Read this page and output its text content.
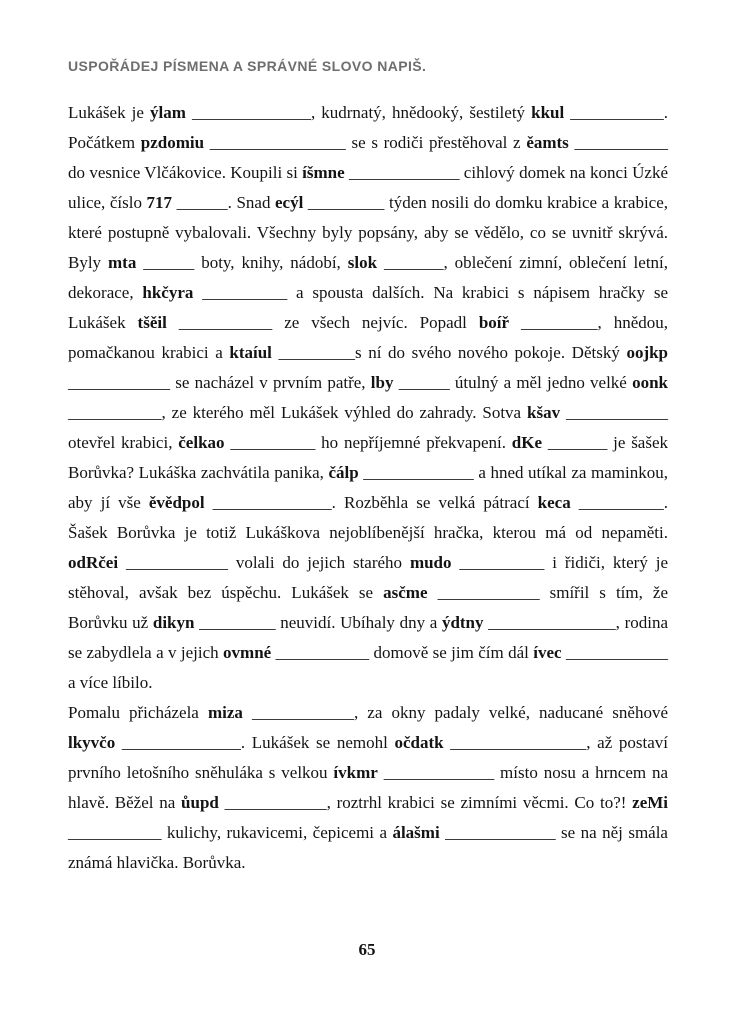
USPOŘÁDEJ PÍSMENA A SPRÁVNÉ SLOVO NAPIŠ.

Lukášek je ýlam ______________, kudrnatý, hnědooký, šestiletý kkul ___________. Počátkem pzdomiu ________________ se s rodiči přestěhoval z ěamts ___________ do vesnice Vlčákovice. Koupili si íšmne _____________ cihlový domek na konci Úzké ulice, číslo 717 ______. Snad ecýl _________ týden nosili do domku krabice a krabice, které postupně vybalovali. Všechny byly popsány, aby se vědělo, co se uvnitř skrývá. Byly mta ______ boty, knihy, nádobí, slok _______, oblečení zimní, oblečení letní, dekorace, hkčyra __________ a spousta dalších. Na krabici s nápisem hračky se Lukášek tšěil ___________ ze všech nejvíc. Popadl boíř _________, hnědou, pomačkanou krabici a ktaíul _________s ní do svého nového pokoje. Dětský oojkp ____________ se nacházel v prvním patře, lby ______ útulný a měl jedno velké oonk ___________, ze kterého měl Lukášek výhled do zahrady. Sotva kšav ____________ otevřel krabici, čelkao __________ ho nepříjemné překvapení. dKe _______ je šašek Borůvka? Lukáška zachvátila panika, čálp _____________ a hned utíkal za maminkou, aby jí vše ěvědpol ______________. Rozběhla se velká pátrací keca __________. Šašek Borůvka je totiž Lukáškova nejoblíbenější hračka, kterou má od nepaměti. odRčei ____________ volali do jejich starého mudo __________ i řidiči, který je stěhoval, avšak bez úspěchu. Lukášek se asčme ____________ smířil s tím, že Borůvku už dikyn _________ neuvidí. Ubíhaly dny a ýdtny _______________, rodina se zabydlela a v jejich ovmné ___________ domově se jim čím dál ívec ____________ a více líbilo.

Pomalu přicházela miza ____________, za okny padaly velké, naducané sněhové lkyvčo ______________. Lukášek se nemohl očdatk ________________, až postaví prvního letošního sněhuláka s velkou ívkmr _____________ místo nosu a hrncem na hlavě. Běžel na ůupd ____________, roztrhl krabici se zimními věcmi. Co to?! zeMi ___________ kulichy, rukavicemi, čepicemi a álašmi _____________ se na něj smála známá hlavička. Borůvka.

65
